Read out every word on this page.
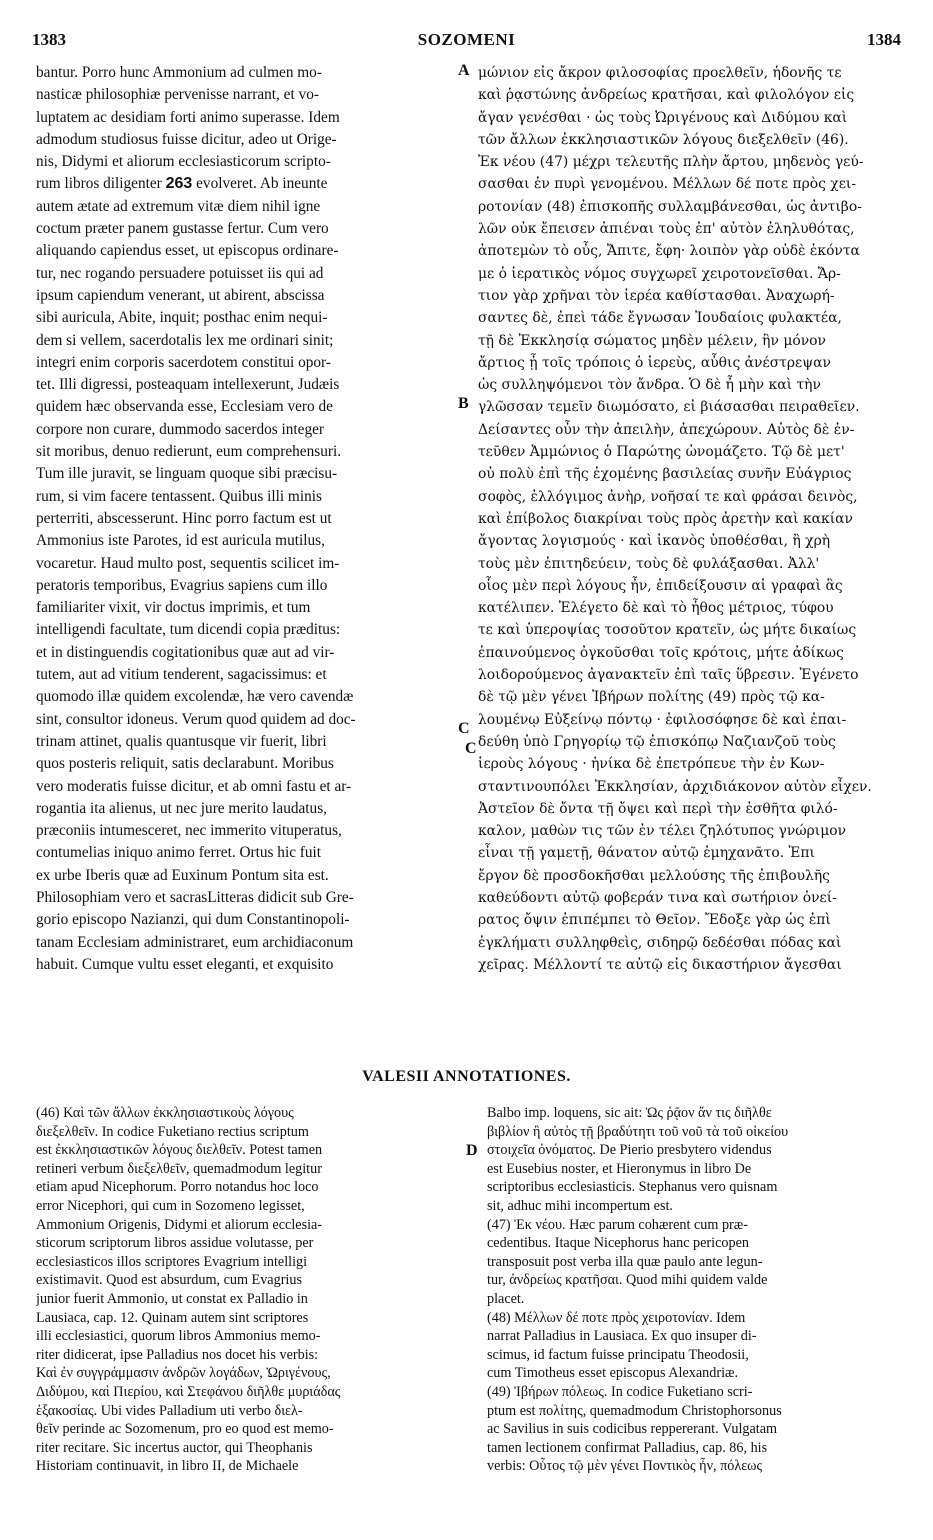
1383	SOZOMENI	1384
bantur. Porro hunc Ammonium ad culmen mo-
nasticæ philosophiæ pervenisse narrant, et vo-
luptatem ac desidiam forti animo superasse. Idem
admodum studiosus fuisse dicitur, adeo ut Orige-
nis, Didymi et aliorum ecclesiasticorum scripto-
rum libros diligenter 263 evolveret. Ab ineunte
autem ætate ad extremum vitæ diem nihil igne
coctum præter panem gustasse fertur. Cum vero
aliquando capiendus esset, ut episcopus ordinare-
tur, nec rogando persuadere potuisset iis qui ad
ipsum capiendum venerant, ut abirent, abscissa
sibi auricula, Abite, inquit; posthac enim nequi-
dem si vellem, sacerdotalis lex me ordinari sinit;
integri enim corporis sacerdotem constitui opor-
tet. Illi digressi, posteaquam intellexerunt, Judæis
quidem hæc observanda esse, Ecclesiam vero de
corpore non curare, dummodo sacerdos integer
sit moribus, denuo redierunt, eum comprehensuri.
Tum ille juravit, se linguam quoque sibi præcisu-
rum, si vim facere tentassent. Quibus illi minis
perterriti, abscesserunt. Hinc porro factum est ut
Ammonius iste Parotes, id est auricula mutilus,
vocaretur. Haud multo post, sequentis scilicet im-
peratoris temporibus, Evagrius sapiens cum illo
familiariter vixit, vir doctus imprimis, et tum
intelligendi facultate, tum dicendi copia præditus:
et in distinguendis cogitationibus quæ aut ad vir-
tutem, aut ad vitium tenderent, sagacissimus: et
quomodo illæ quidem excolendæ, hæ vero cavendæ
sint, consultor idoneus. Verum quod quidem ad doc-
trinam attinet, qualis quantusque vir fuerit, libri
quos posteris reliquit, satis declarabunt. Moribus
vero moderatis fuisse dicitur, et ab omni fastu et ar-
rogantia ita alienus, ut nec jure merito laudatus,
præconiis intumesceret, nec immerito vituperatus,
contumelias iniquo animo ferret. Ortus hic fuit
ex urbe Iberis quæ ad Euxinum Pontum sita est.
Philosophiam vero et sacrasLitteras didicit sub Gre-
gorio episcopo Nazianzi, qui dum Constantinopoli-
tanam Ecclesiam administraret, eum archidiaconum
habuit. Cumque vultu esset eleganti, et exquisito
A
B
C
C
μώνιον εἰς ἄκρον φιλοσοφίας προελθεῖν, ἡδονῆς τε
καὶ ῥᾳστώνης ἀνδρείως κρατῆσαι, καὶ φιλολόγον εἰς
ἄγαν γενέσθαι · ὡς τοὺς Ὠριγένους καὶ Διδύμου καὶ
τῶν ἄλλων ἐκκλησιαστικῶν λόγους διεξελθεῖν (46).
Ἐκ νέου (47) μέχρι τελευτῆς πλὴν ἄρτου, μηδενὸς γεύ-
σασθαι ἐν πυρὶ γενομένου. Μέλλων δέ ποτε πρὸς χει-
ροτονίαν (48) ἐπισκοπῆς συλλαμβάνεσθαι, ὡς ἀντιβο-
λῶν οὐκ ἔπεισεν ἀπιέναι τοὺς ἐπ' αὐτὸν ἐληλυθότας,
ἀποτεμὼν τὸ οὖς, Ἄπιτε, ἔφη· λοιπὸν γὰρ οὐδὲ ἑκόντα
με ὁ ἱερατικὸς νόμος συγχωρεῖ χειροτονεῖσθαι. Ἄρ-
τιον γὰρ χρῆναι τὸν ἱερέα καθίστασθαι. Ἀναχωρή-
σαντες δὲ, ἐπεὶ τάδε ἔγνωσαν Ἰουδαίοις φυλακτέα,
τῇ δὲ Ἐκκλησίᾳ σώματος μηδὲν μέλειν, ἢν μόνον
ἄρτιος ᾖ τοῖς τρόποις ὁ ἱερεὺς, αὖθις ἀνέστρεψαν
ὡς συλληψόμενοι τὸν ἄνδρα. Ὁ δὲ ἦ μὴν καὶ τὴν
γλῶσσαν τεμεῖν διωμόσατο, εἰ βιάσασθαι πειραθεῖεν.
Δείσαντες οὖν τὴν ἀπειλὴν, ἀπεχώρουν. Αὐτὸς δὲ ἐν-
τεῦθεν Ἀμμώνιος ὁ Παρώτης ὠνομάζετο. Τῷ δὲ μετ'
οὐ πολὺ ἐπὶ τῆς ἐχομένης βασιλείας συνῆν Εὐάγριος
σοφὸς, ἐλλόγιμος ἀνὴρ, νοῆσαί τε καὶ φράσαι δεινὸς,
καὶ ἐπίβολος διακρίναι τοὺς πρὸς ἀρετὴν καὶ κακίαν
ἄγοντας λογισμούς · καὶ ἱκανὸς ὑποθέσθαι, ἢ χρὴ
τοὺς μὲν ἐπιτηδεύειν, τοὺς δὲ φυλάξασθαι. Ἀλλ'
οἷος μὲν περὶ λόγους ἦν, ἐπιδείξουσιν αἱ γραφαὶ ἃς
κατέλιπεν. Ἐλέγετο δὲ καὶ τὸ ἦθος μέτριος, τύφου
τε καὶ ὑπεροψίας τοσοῦτον κρατεῖν, ὡς μήτε δικαίως
ἐπαινούμενος ὀγκοῦσθαι τοῖς κρότοις, μήτε ἀδίκως
λοιδορούμενος ἀγανακτεῖν ἐπὶ ταῖς ὕβρεσιν. Ἐγένετο
δὲ τῷ μὲν γένει Ἰβήρων πολίτης (49) πρὸς τῷ κα-
λουμένῳ Εὐξείνῳ πόντῳ · ἐφιλοσόφησε δὲ καὶ ἐπαι-
δεύθη ὑπὸ Γρηγορίῳ τῷ ἐπισκόπῳ Ναζιανζοῦ τοὺς
ἱεροὺς λόγους · ἡνίκα δὲ ἐπετρόπευε τὴν ἐν Κων-
σταντινουπόλει Ἐκκλησίαν, ἀρχιδιάκονον αὐτὸν εἶχεν.
Ἀστεῖον δὲ ὄντα τῇ ὄψει καὶ περὶ τὴν ἐσθῆτα φιλό-
καλον, μαθὼν τις τῶν ἐν τέλει ζηλότυπος γνώριμον
εἶναι τῇ γαμετῇ, θάνατον αὐτῷ ἐμηχανᾶτο. Ἐπι
ἔργον δὲ προσδοκῆσθαι μελλούσης τῆς ἐπιβουλῆς
καθεύδοντι αὐτῷ φοβεράν τινα καὶ σωτήριον ὀνεί-
ρατος ὄψιν ἐπιπέμπει τὸ Θεῖον. Ἔδοξε γὰρ ὡς ἐπὶ
ἐγκλήματι συλληφθεὶς, σιδηρῷ δεδέσθαι πόδας καὶ
χεῖρας. Μέλλοντί τε αὐτῷ εἰς δικαστήριον ἄγεσθαι
VALESII ANNOTATIONES.
D
(46) Καὶ τῶν ἄλλων ἐκκλησιαστικοὺς λόγους
διεξελθεῖν. In codice Fuketiano rectius scriptum
est ἐκκλησιαστικῶν λόγους διελθεῖν. Potest tamen
retineri verbum διεξελθεῖν, quemadmodum legitur
etiam apud Nicephorum. Porro notandus hoc loco
error Nicephori, qui cum in Sozomeno legisset,
Ammonium Origenis, Didymi et aliorum ecclesia-
sticorum scriptorum libros assidue volutasse, per
ecclesiasticos illos scriptores Evagrium intelligi
existimavit. Quod est absurdum, cum Evagrius
junior fuerit Ammonio, ut constat ex Palladio in
Lausiaca, cap. 12. Quinam autem sint scriptores
illi ecclesiastici, quorum libros Ammonius memo-
riter didicerat, ipse Palladius nos docet his verbis:
Καὶ ἐν συγγράμμασιν ἀνδρῶν λογάδων, Ὠριγένους,
Διδύμου, καὶ Πιερίου, καὶ Στεφάνου διῆλθε μυριάδας
ἑξακοσίας. Ubi vides Palladium uti verbo διελ-
θεῖν perinde ac Sozomenum, pro eo quod est memo-
riter recitare. Sic incertus auctor, qui Theophanis
Historiam continuavit, in libro II, de Michaele
Balbo imp. loquens, sic ait: Ὡς ῥᾷον ἄν τις διῆλθε
βιβλίον ἢ αὐτὸς τῇ βραδύτητι τοῦ νοῦ τὰ τοῦ οἰκείου
στοιχεῖα ὀνόματος. De Pierio presbytero videndus
est Eusebius noster, et Hieronymus in libro De
scriptoribus ecclesiasticis. Stephanus vero quisnam
sit, adhuc mihi incompertum est.
(47) Ἐκ νέου. Hæc parum cohærent cum præ-
cedentibus. Itaque Nicephorus hanc pericopen
transposuit post verba illa quæ paulo ante legun-
tur, ἀνδρείως κρατῆσαι. Quod mihi quidem valde
placet.
(48) Μέλλων δέ ποτε πρὸς χειροτονίαν. Idem
narrat Palladius in Lausiaca. Ex quo insuper di-
scimus, id factum fuisse principatu Theodosii,
cum Timotheus esset episcopus Alexandriæ.
(49) Ἰβήρων πόλεως. In codice Fuketiano scri-
ptum est πολίτης, quemadmodum Christophorsonus
ac Savilius in suis codicibus reppererant. Vulgatam
tamen lectionem confirmat Palladius, cap. 86, his
verbis: Οὗτος τῷ μὲν γένει Ποντικὸς ἦν, πόλεως
